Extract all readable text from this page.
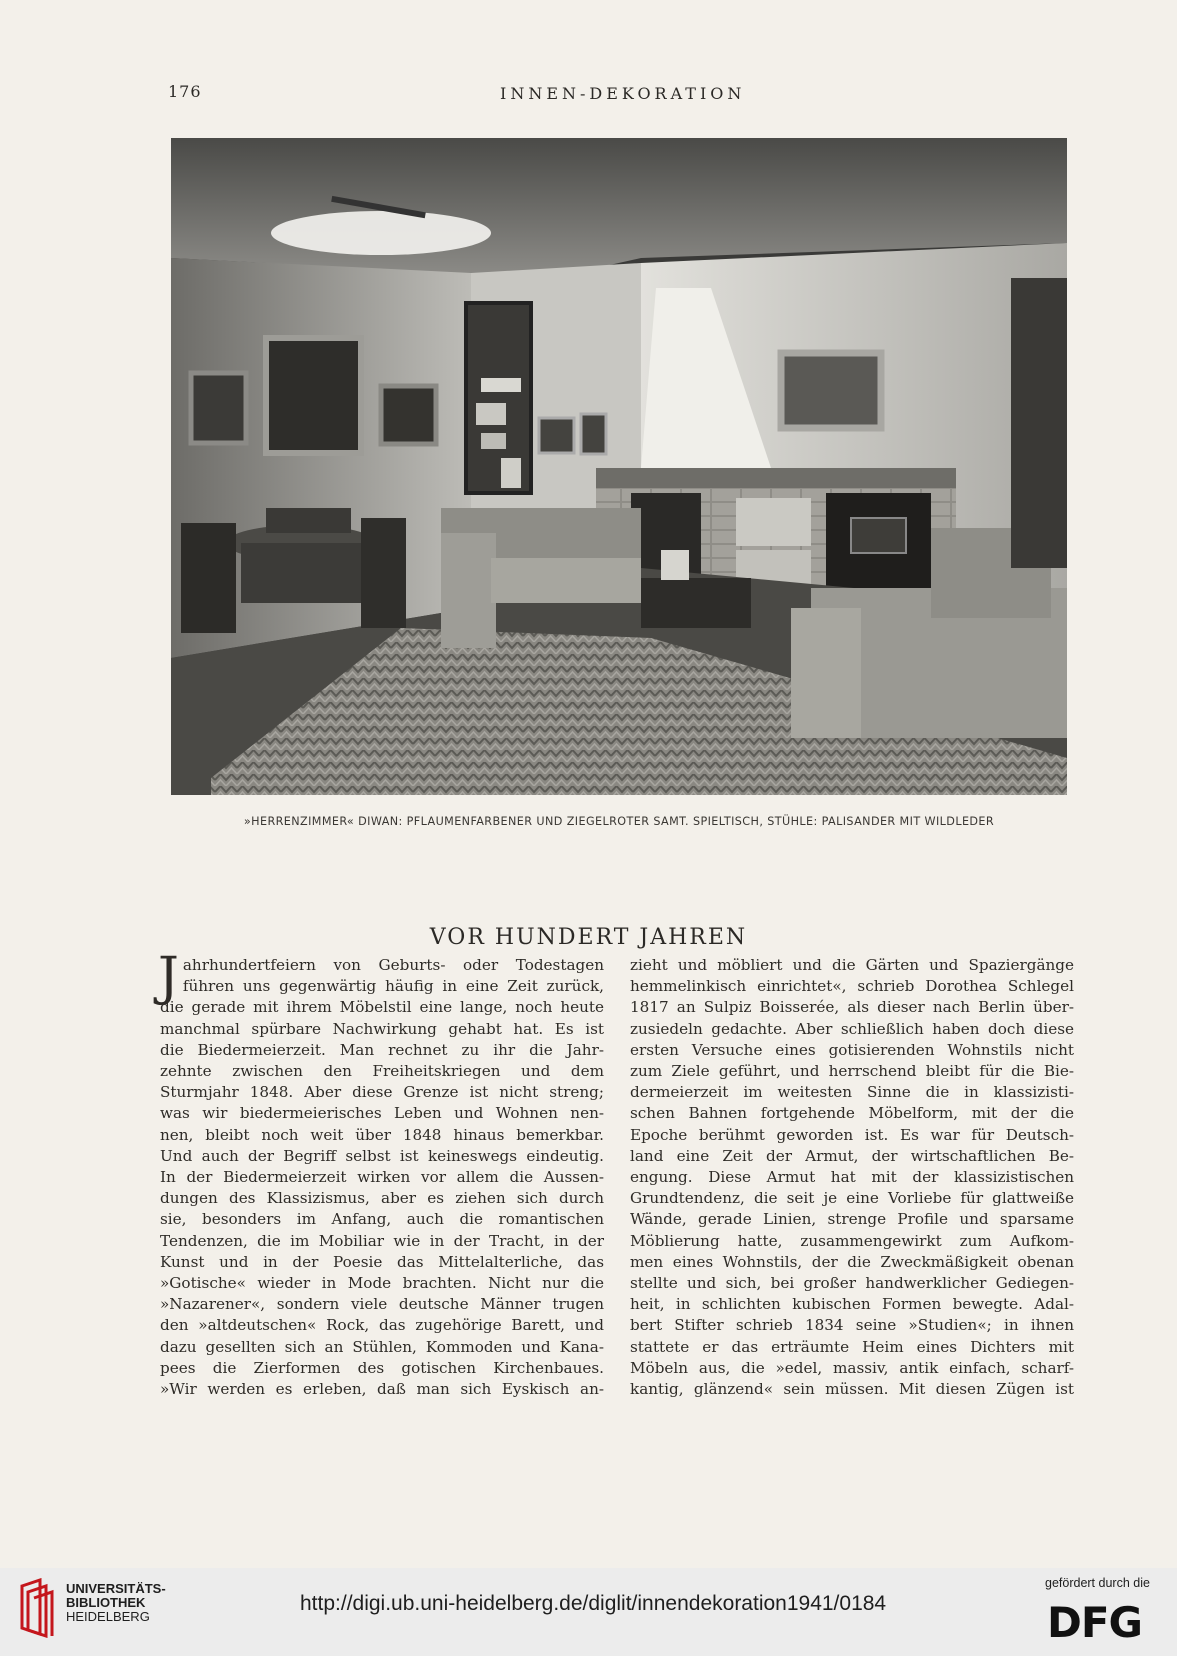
176	INNEN-DEKORATION
»HERRENZIMMER« DIWAN: PFLAUMENFARBENER UND ZIEGELROTER SAMT. SPIELTISCH, STÜHLE: PALISANDER MIT WILDLEDER
VOR HUNDERT JAHREN
J ahrhundertfeiern von Geburts- oder Todestagen
führen uns gegenwärtig häufig in eine Zeit zurück,
die gerade mit ihrem Möbelstil eine lange, noch heute
manchmal spürbare Nachwirkung gehabt hat. Es ist
die Biedermeierzeit. Man rechnet zu ihr die Jahr-
zehnte zwischen den Freiheitskriegen und dem
Sturmjahr 1848. Aber diese Grenze ist nicht streng;
was wir biedermeierisches Leben und Wohnen nen-
nen, bleibt noch weit über 1848 hinaus bemerkbar.
Und auch der Begriff selbst ist keineswegs eindeutig.
In der Biedermeierzeit wirken vor allem die Aussen-
dungen des Klassizismus, aber es ziehen sich durch
sie, besonders im Anfang, auch die romantischen
Tendenzen, die im Mobiliar wie in der Tracht, in der
Kunst und in der Poesie das Mittelalterliche, das
»Gotische« wieder in Mode brachten. Nicht nur die
»Nazarener«, sondern viele deutsche Männer trugen
den »altdeutschen« Rock, das zugehörige Barett, und
dazu gesellten sich an Stühlen, Kommoden und Kana-
pees die Zierformen des gotischen Kirchenbaues.
»Wir werden es erleben, daß man sich Eyskisch an-
zieht und möbliert und die Gärten und Spaziergänge
hemmelinkisch einrichtet«, schrieb Dorothea Schlegel
1817 an Sulpiz Boisserée, als dieser nach Berlin über-
zusiedeln gedachte. Aber schließlich haben doch diese
ersten Versuche eines gotisierenden Wohnstils nicht
zum Ziele geführt, und herrschend bleibt für die Bie-
dermeierzeit im weitesten Sinne die in klassizisti-
schen Bahnen fortgehende Möbelform, mit der die
Epoche berühmt geworden ist. Es war für Deutsch-
land eine Zeit der Armut, der wirtschaftlichen Be-
engung. Diese Armut hat mit der klassizistischen
Grundtendenz, die seit je eine Vorliebe für glattweiße
Wände, gerade Linien, strenge Profile und sparsame
Möblierung hatte, zusammengewirkt zum Aufkom-
men eines Wohnstils, der die Zweckmäßigkeit obenan
stellte und sich, bei großer handwerklicher Gediegen-
heit, in schlichten kubischen Formen bewegte. Adal-
bert Stifter schrieb 1834 seine »Studien«; in ihnen
stattete er das erträumte Heim eines Dichters mit
Möbeln aus, die »edel, massiv, antik einfach, scharf-
kantig, glänzend« sein müssen. Mit diesen Zügen ist
UNIVERSITÄTS-
BIBLIOTHEK
HEIDELBERG
http://digi.ub.uni-heidelberg.de/diglit/innendekoration1941/0184
gefördert durch die
DFG
